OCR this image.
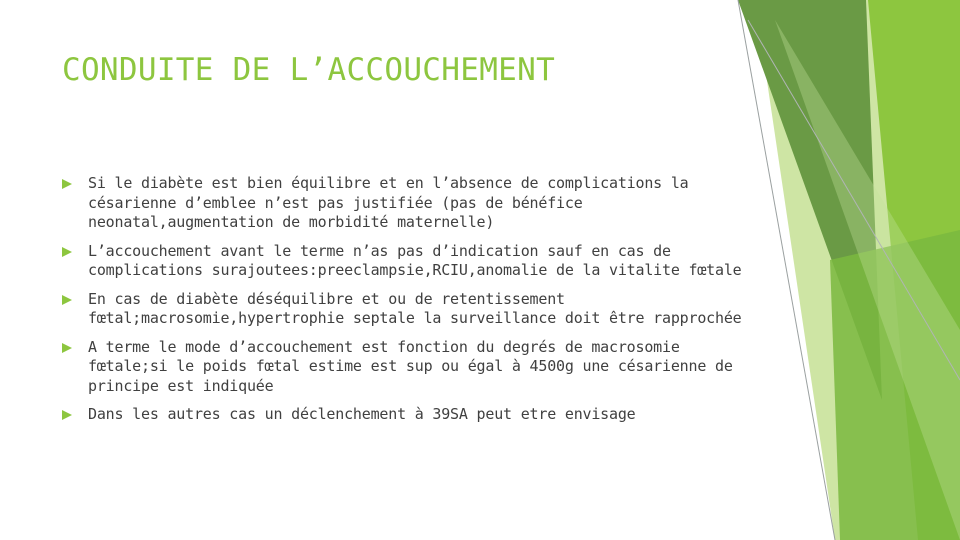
CONDUITE DE L’ACCOUCHEMENT
Si le diabète est bien équilibre et en l’absence de complications la césarienne d’emblee n’est pas justifiée (pas de bénéfice neonatal,augmentation de morbidité maternelle)
L’accouchement avant le terme n’as pas d’indication sauf en cas de complications surajoutees:preeclampsie,RCIU,anomalie de la vitalite fœtale
En cas de diabète déséquilibre et ou de retentissement fœtal;macrosomie,hypertrophie septale la surveillance doit être rapprochée
A terme le mode d’accouchement est fonction du degrés de macrosomie fœtale;si le poids fœtal estime est sup ou égal à 4500g une césarienne de principe est indiquée
Dans les autres cas un déclenchement à 39SA peut etre envisage
